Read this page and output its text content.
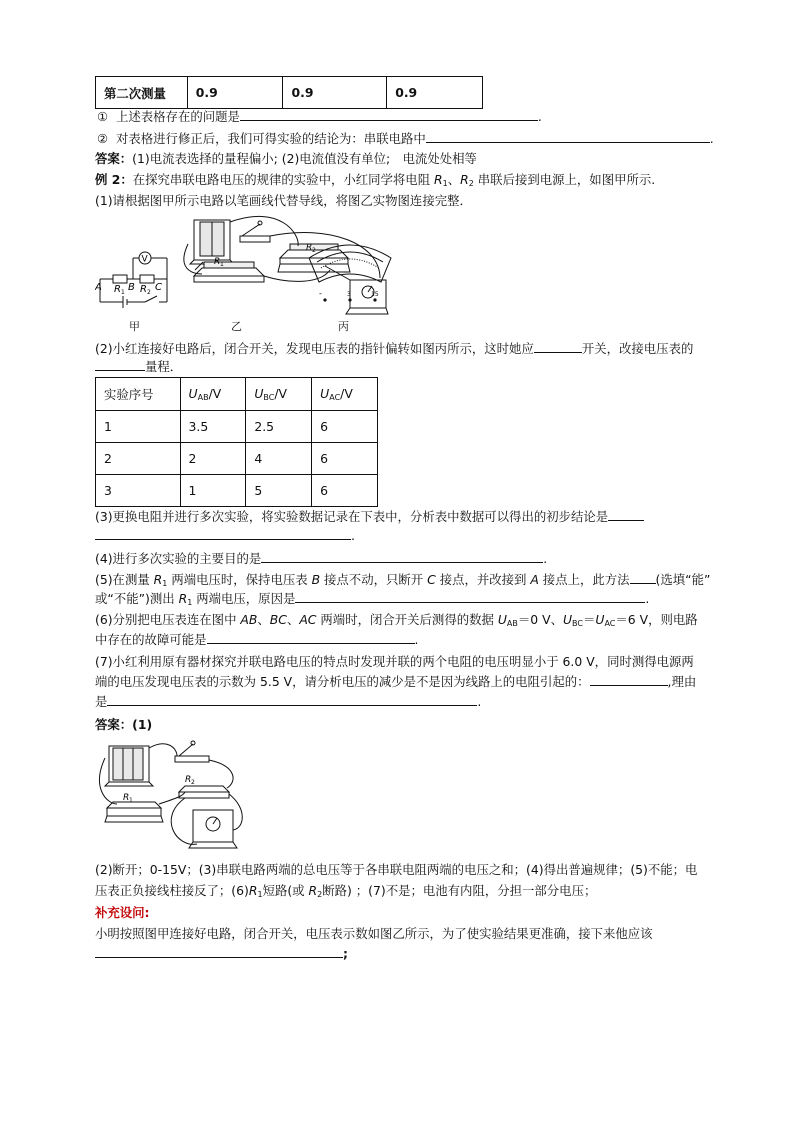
第二次测量	0.9	0.9	0.9
① 上述表格存在的问题是	.
② 对表格进行修正后，我们可得实验的结论为：串联电路中	.
答案：(1)电流表选择的量程偏小; (2)电流值没有单位;　电流处处相等
例 2：在探究串联电路电压的规律的实验中，小红同学将电阻 $R_1$、$R_2$ 串联后接到电源上，如图甲所示.
(1)请根据图甲所示电路以笔画线代替导线，将图乙实物图连接完整．
A R 1 B R 2 C
V
甲
R 1
R 2
乙
-	3	15
丙
(2)小红连接好电路后，闭合开关，发现电压表的指针偏转如图丙所示，这时她应	开关，改接电压表的
量程．
实验序号	$U_{AB}/V$	$U_{BC}/V$	$U_{AC}/V$
1	3.5	2.5	6
2	2	4	6
3	1	5	6
(3)更换电阻并进行多次实验，将实验数据记录在下表中，分析表中数据可以得出的初步结论是
.
(4)进行多次实验的主要目的是	.
(5)在测量 $R_1$ 两端电压时，保持电压表 B 接点不动，只断开 C 接点，并改接到 A 接点上，此方法 (选填“能”
或“不能”)测出 $R_1$ 两端电压，原因是	.
(6)分别把电压表连在图中 AB、BC、AC 两端时，闭合开关后测得的数据 $U_{AB}=0$ V、$U_{BC}=U_{AC}=6$ V，则电路
中存在的故障可能是	.
(7)小红利用原有器材探究并联电路电压的特点时发现并联的两个电阻的电压明显小于 6.0 V，同时测得电源两
端的电压发现电压表的示数为 5.5 V，请分析电压的减少是不是因为线路上的电阻引起的：	,理由
是	.
答案：(1)
R 1
R 2
(2)断开；0-15V；(3)串联电路两端的总电压等于各串联电阻两端的电压之和；(4)得出普遍规律；(5)不能；电
压表正负接线柱接反了；$(6)R_1$短路(或 $R_2$断路) ；(7)不是；电池有内阻，分担一部分电压；
补充设问:
小明按照图甲连接好电路，闭合开关，电压表示数如图乙所示，为了使实验结果更准确，接下来他应该
;
